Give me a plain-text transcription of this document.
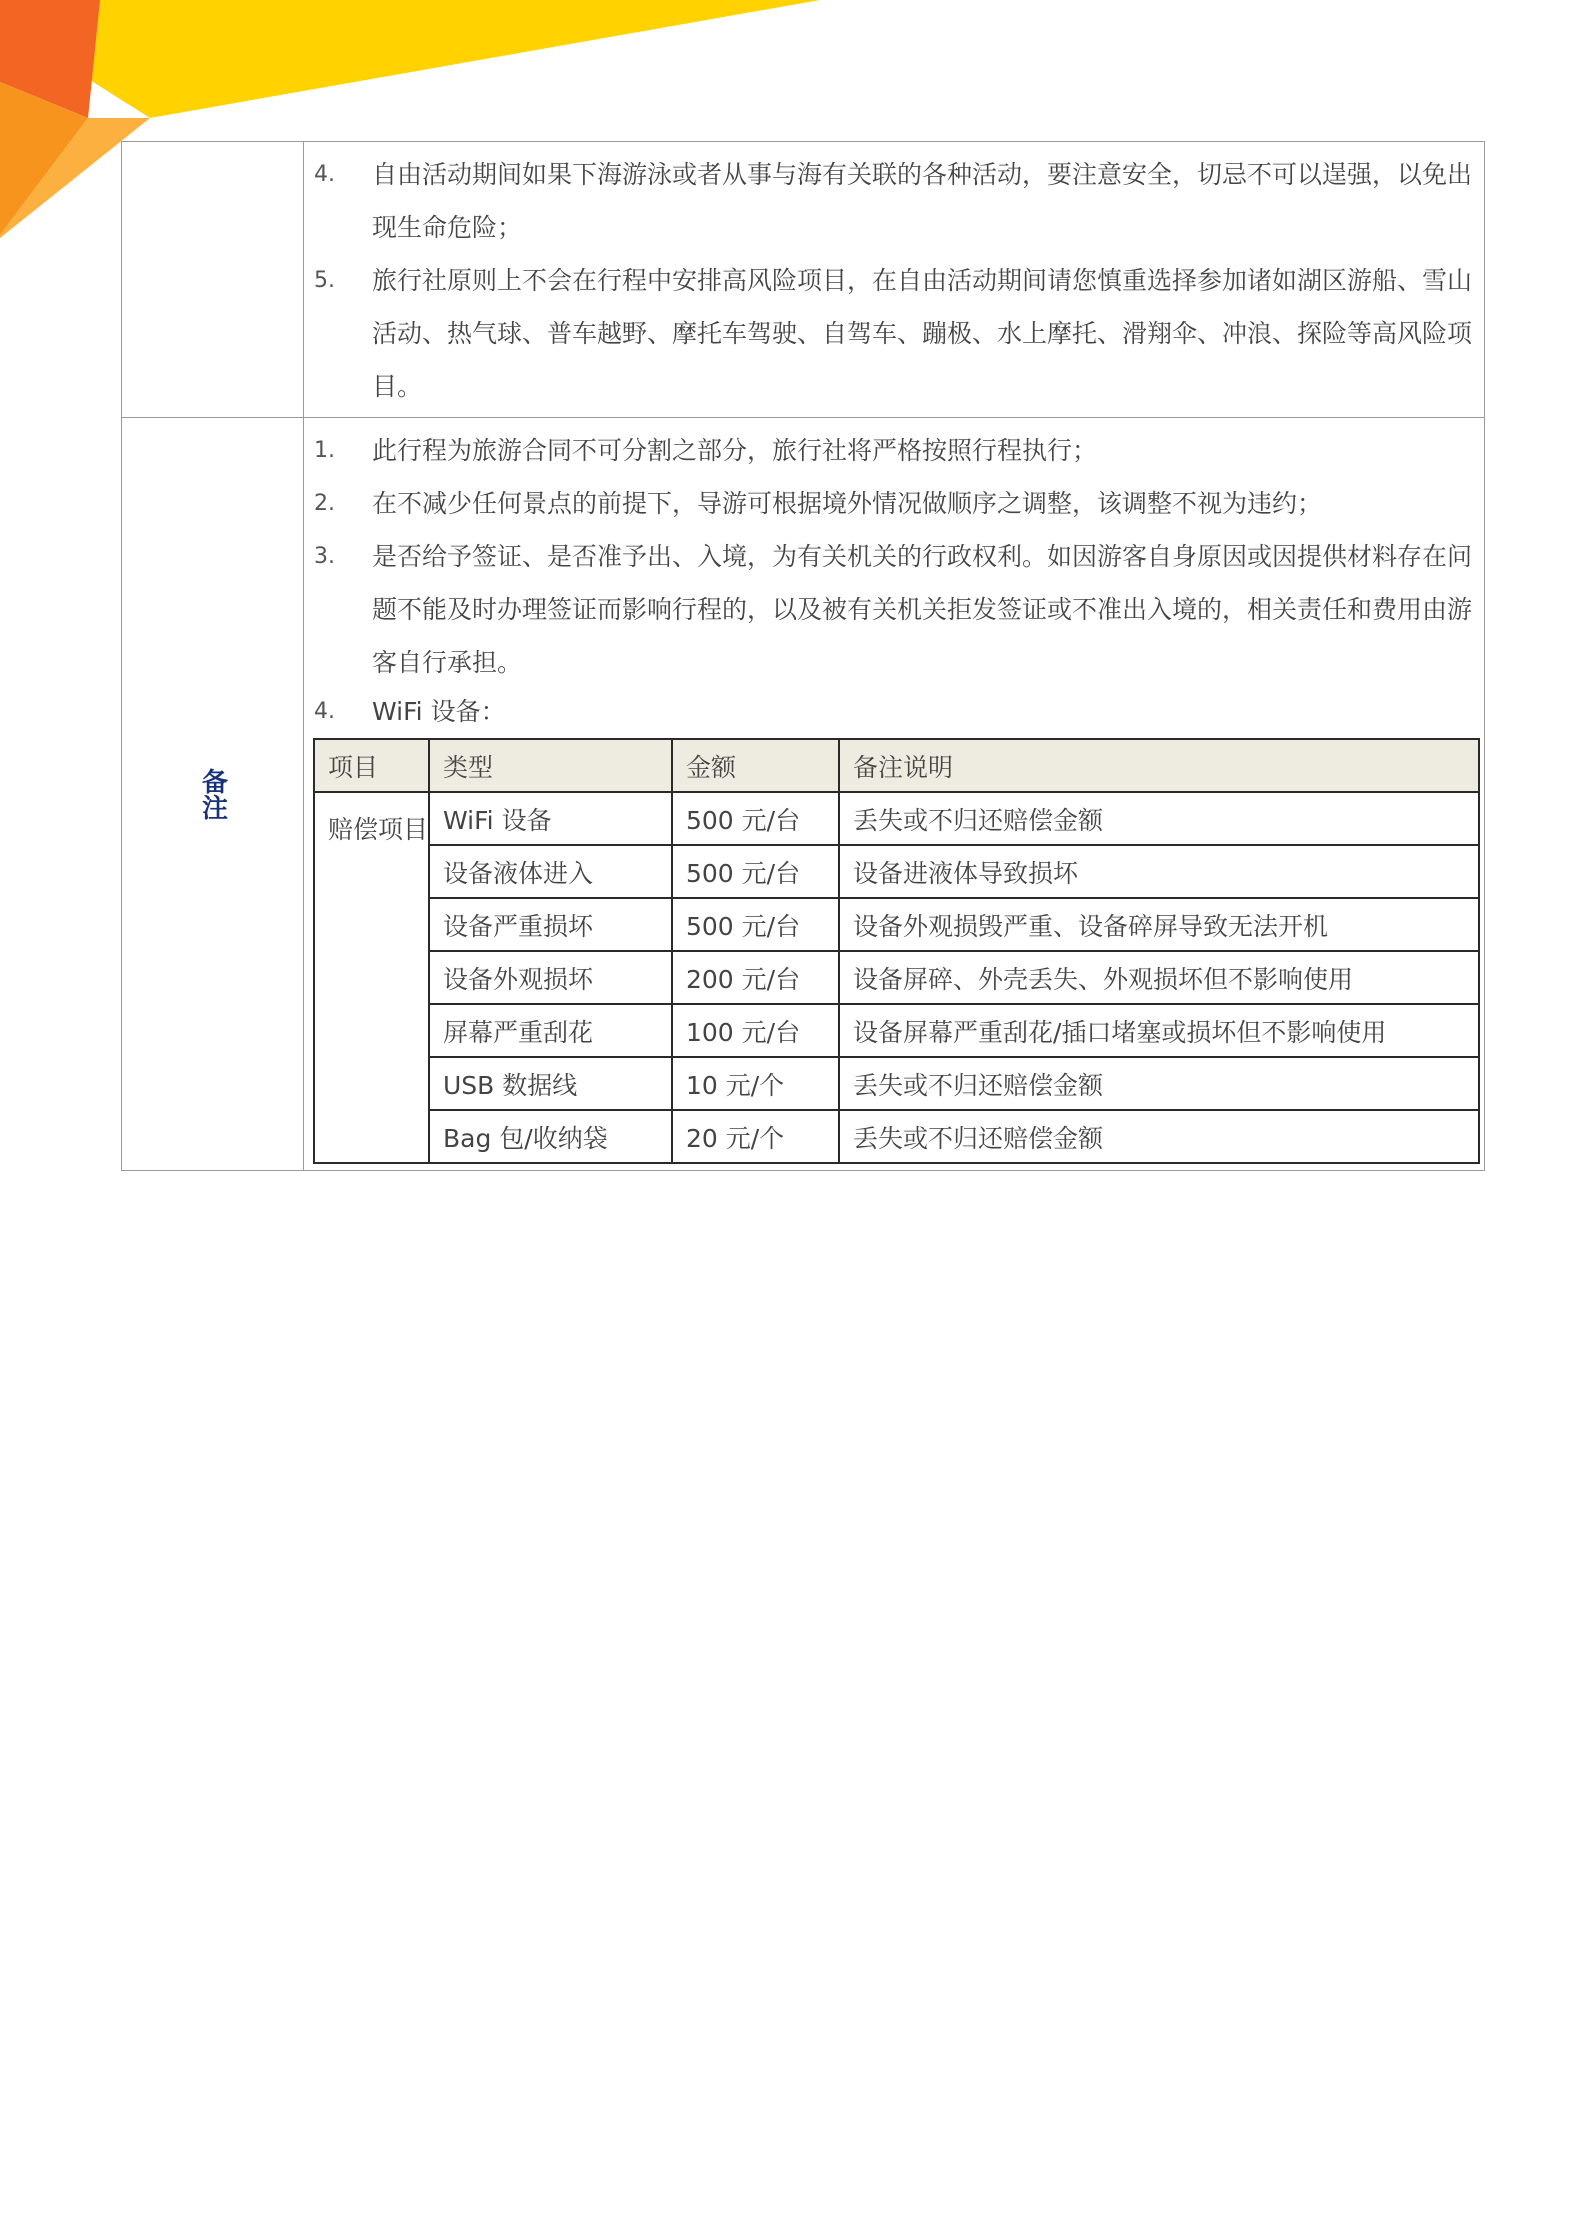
4.	自由活动期间如果下海游泳或者从事与海有关联的各种活动，要注意安全，切忌不可以逞强，以免出现生命危险；
5.	旅行社原则上不会在行程中安排高风险项目，在自由活动期间请您慎重选择参加诸如湖区游船、雪山活动、热气球、普车越野、摩托车驾驶、自驾车、蹦极、水上摩托、滑翔伞、冲浪、探险等高风险项目。
备注
1.	此行程为旅游合同不可分割之部分，旅行社将严格按照行程执行；
2.	在不减少任何景点的前提下，导游可根据境外情况做顺序之调整，该调整不视为违约；
3.	是否给予签证、是否准予出、入境，为有关机关的行政权利。如因游客自身原因或因提供材料存在问题不能及时办理签证而影响行程的，以及被有关机关拒发签证或不准出入境的，相关责任和费用由游客自行承担。
4.	WiFi 设备：
项目	类型	金额	备注说明
赔偿项目	WiFi 设备	500 元/台	丢失或不归还赔偿金额
	设备液体进入	500 元/台	设备进液体导致损坏
	设备严重损坏	500 元/台	设备外观损毁严重、设备碎屏导致无法开机
	设备外观损坏	200 元/台	设备屏碎、外壳丢失、外观损坏但不影响使用
	屏幕严重刮花	100 元/台	设备屏幕严重刮花/插口堵塞或损坏但不影响使用
	USB 数据线	10 元/个	丢失或不归还赔偿金额
	Bag 包/收纳袋	20 元/个	丢失或不归还赔偿金额
